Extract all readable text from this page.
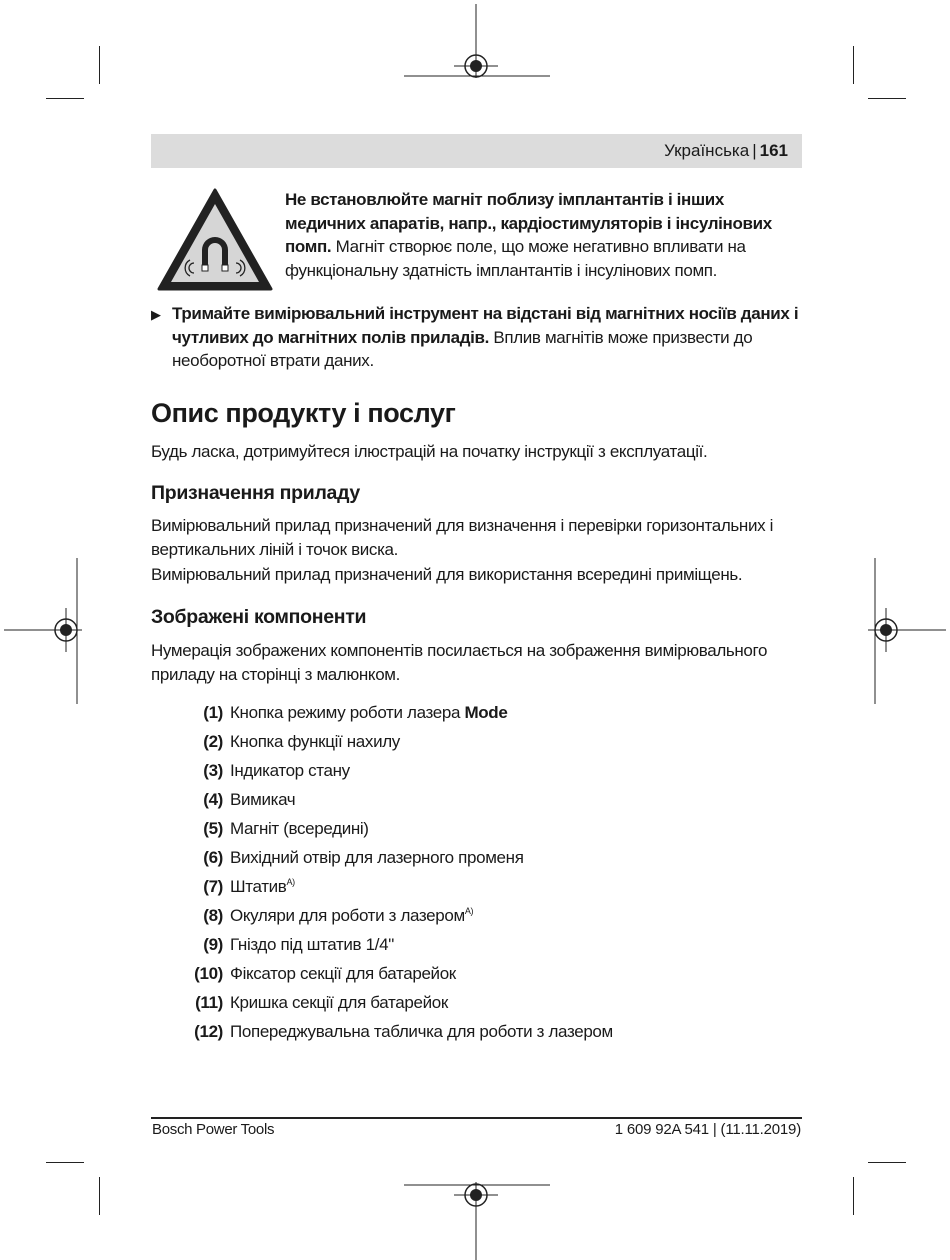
Українська | 161
Не встановлюйте магніт поблизу імплантантів і інших
медичних апаратів, напр., кардіостимуляторів і інсулінових
помп. Магніт створює поле, що може негативно впливати на
функціональну здатність імплантантів і інсулінових помп.
▶ Тримайте вимірювальний інструмент на відстані від магнітних носіїв даних і
чутливих до магнітних полів приладів. Вплив магнітів може призвести до
необоротної втрати даних.
Опис продукту і послуг
Будь ласка, дотримуйтеся ілюстрацій на початку інструкції з експлуатації.
Призначення приладу
Вимірювальний прилад призначений для визначення і перевірки горизонтальних і
вертикальних ліній і точок виска.
Вимірювальний прилад призначений для використання всередині приміщень.
Зображені компоненти
Нумерація зображених компонентів посилається на зображення вимірювального
приладу на сторінці з малюнком.
(1) Кнопка режиму роботи лазера Mode
(2) Кнопка функції нахилу
(3) Індикатор стану
(4) Вимикач
(5) Магніт (всередині)
(6) Вихідний отвір для лазерного променя
(7) Штатив$^{A)}$
(8) Окуляри для роботи з лазером$^{A)}$
(9) Гніздо під штатив 1/4"
(10) Фіксатор секції для батарейок
(11) Кришка секції для батарейок
(12) Попереджувальна табличка для роботи з лазером
Bosch Power Tools	1 609 92A 541 | (11.11.2019)
